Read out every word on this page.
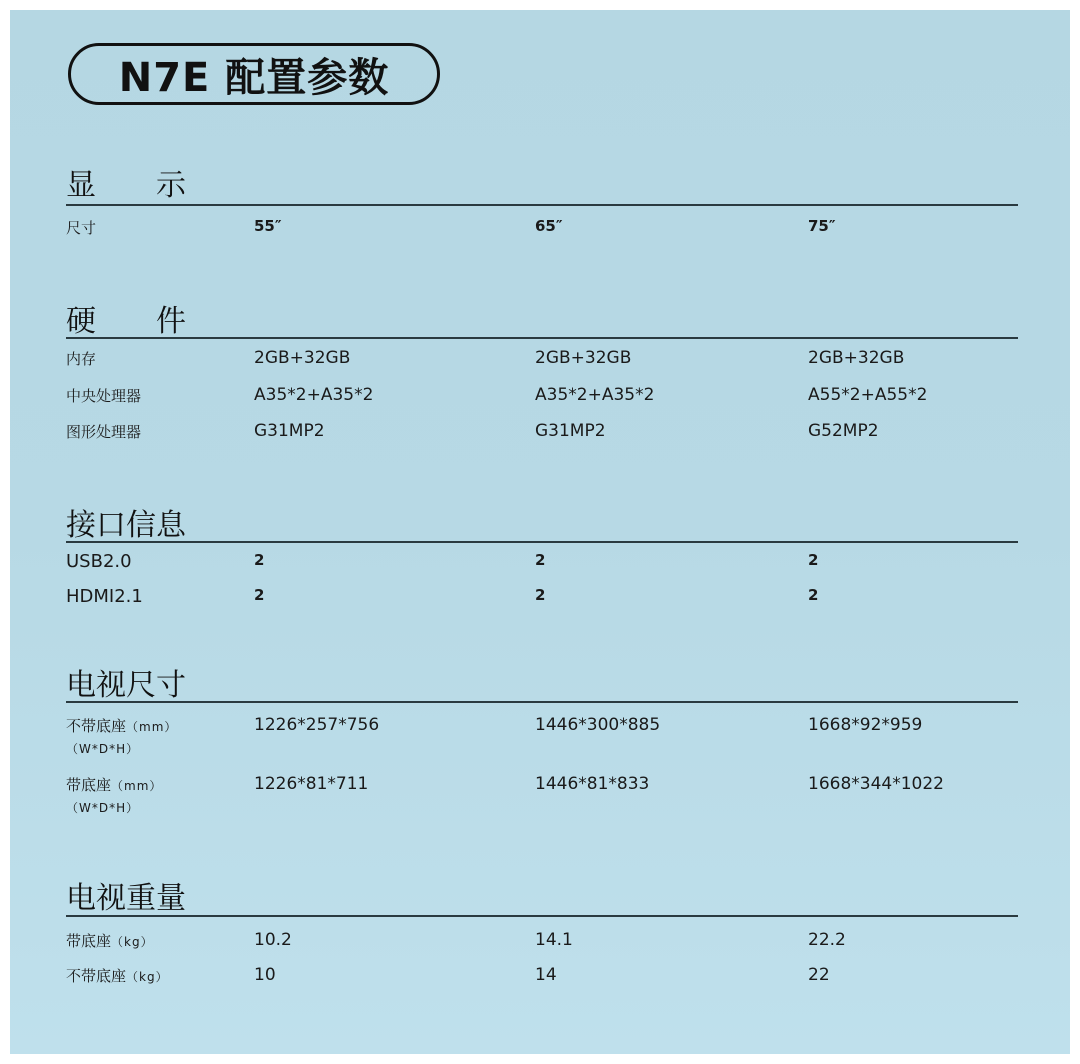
N7E 配置参数
显　　示
尺寸	55″	65″	75″
硬　　件
内存	2GB+32GB	2GB+32GB	2GB+32GB
中央处理器	A35*2+A35*2	A35*2+A35*2	A55*2+A55*2
图形处理器	G31MP2	G31MP2	G52MP2
接口信息
USB2.0	2	2	2
HDMI2.1	2	2	2
电视尺寸
不带底座（mm）
（W*D*H）
1226*257*756	1446*300*885	1668*92*959
带底座（mm）
（W*D*H）
1226*81*711	1446*81*833	1668*344*1022
电视重量
带底座（kg）	10.2	14.1	22.2
不带底座（kg）	10	14	22
